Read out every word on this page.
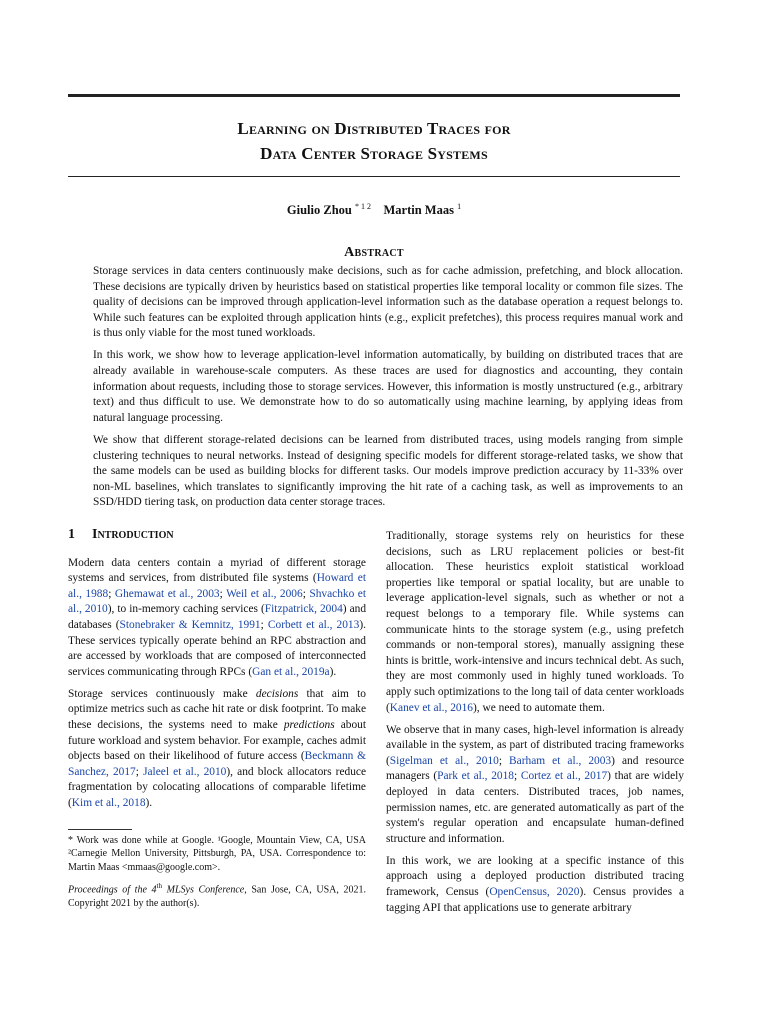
Learning on Distributed Traces for
Data Center Storage Systems
Giulio Zhou $^{* 1 2}$ Martin Maas $^1$
Abstract

Storage services in data centers continuously make decisions, such as for cache admission, prefetching, and block allocation. These decisions are typically driven by heuristics based on statistical properties like temporal locality or common file sizes. The quality of decisions can be improved through application-level information such as the database operation a request belongs to. While such features can be exploited through application hints (e.g., explicit prefetches), this process requires manual work and is thus only viable for the most tuned workloads.

In this work, we show how to leverage application-level information automatically, by building on distributed traces that are already available in warehouse-scale computers. As these traces are used for diagnostics and accounting, they contain information about requests, including those to storage services. However, this information is mostly unstructured (e.g., arbitrary text) and thus difficult to use. We demonstrate how to do so automatically using machine learning, by applying ideas from natural language processing.

We show that different storage-related decisions can be learned from distributed traces, using models ranging from simple clustering techniques to neural networks. Instead of designing specific models for different storage-related tasks, we show that the same models can be used as building blocks for different tasks. Our models improve prediction accuracy by 11-33% over non-ML baselines, which translates to significantly improving the hit rate of a caching task, as well as improvements to an SSD/HDD tiering task, on production data center storage traces.

1 Introduction

Modern data centers contain a myriad of different storage systems and services, from distributed file systems (Howard et al., 1988; Ghemawat et al., 2003; Weil et al., 2006; Shvachko et al., 2010), to in-memory caching services (Fitzpatrick, 2004) and databases (Stonebraker & Kemnitz, 1991; Corbett et al., 2013). These services typically operate behind an RPC abstraction and are accessed by workloads that are composed of interconnected services communicating through RPCs (Gan et al., 2019a).

Storage services continuously make decisions that aim to optimize metrics such as cache hit rate or disk footprint. To make these decisions, the systems need to make predictions about future workload and system behavior. For example, caches admit objects based on their likelihood of future access (Beckmann & Sanchez, 2017; Jaleel et al., 2010), and block allocators reduce fragmentation by colocating allocations of comparable lifetime (Kim et al., 2018).

* Work was done while at Google. ¹Google, Mountain View, CA, USA ²Carnegie Mellon University, Pittsburgh, PA, USA. Correspondence to: Martin Maas <mmaas@google.com>.

Proceedings of the 4th MLSys Conference, San Jose, CA, USA, 2021. Copyright 2021 by the author(s).

Traditionally, storage systems rely on heuristics for these decisions, such as LRU replacement policies or best-fit allocation. These heuristics exploit statistical workload properties like temporal or spatial locality, but are unable to leverage application-level signals, such as whether or not a request belongs to a temporary file. While systems can communicate hints to the storage system (e.g., using prefetch commands or non-temporal stores), manually assigning these hints is brittle, work-intensive and incurs technical debt. As such, they are most commonly used in highly tuned workloads. To apply such optimizations to the long tail of data center workloads (Kanev et al., 2016), we need to automate them.

We observe that in many cases, high-level information is already available in the system, as part of distributed tracing frameworks (Sigelman et al., 2010; Barham et al., 2003) and resource managers (Park et al., 2018; Cortez et al., 2017) that are widely deployed in data centers. Distributed traces, job names, permission names, etc. are generated automatically as part of the system's regular operation and encapsulate human-defined structure and information.

In this work, we are looking at a specific instance of this approach using a deployed production distributed tracing framework, Census (OpenCensus, 2020). Census provides a tagging API that applications use to generate arbitrary
